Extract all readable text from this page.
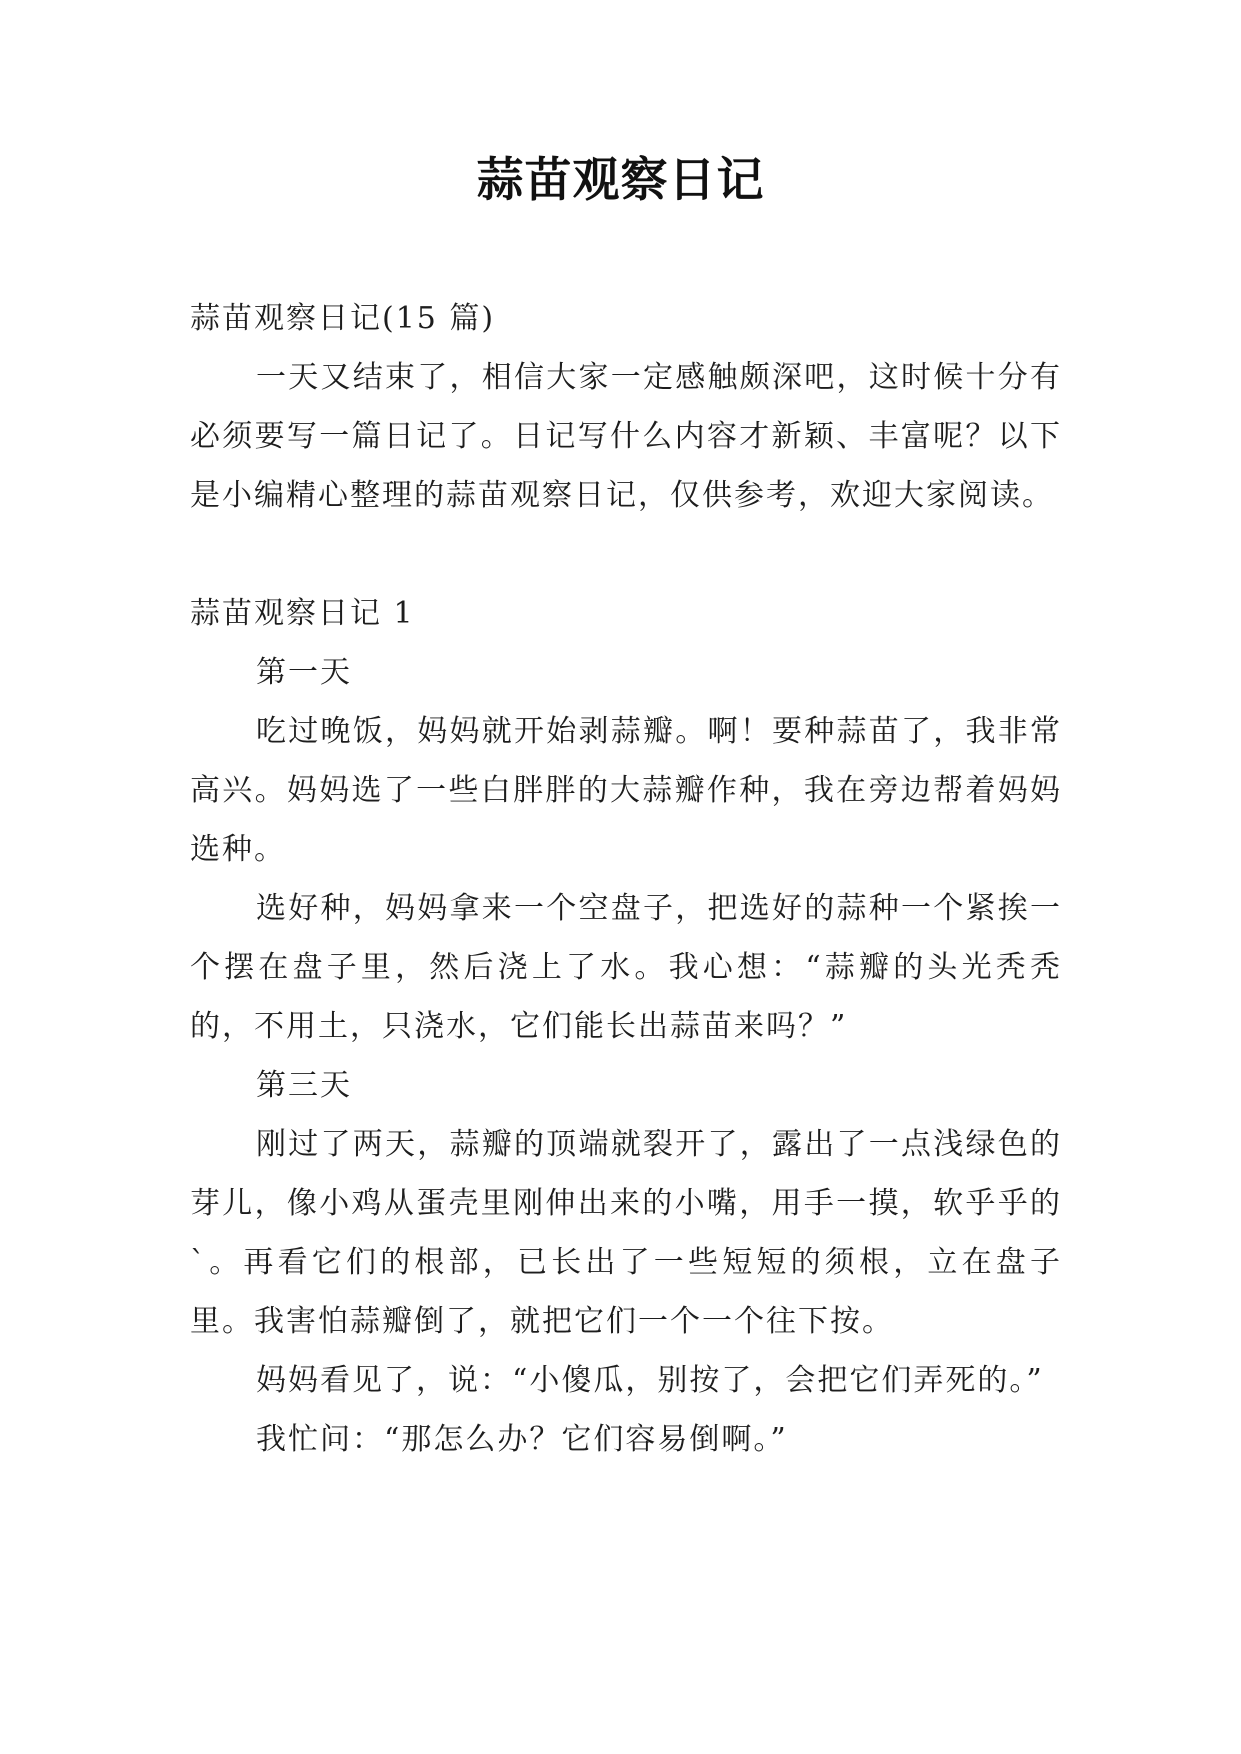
蒜苗观察日记

蒜苗观察日记(15 篇)

一天又结束了，相信大家一定感触颇深吧，这时候十分有必须要写一篇日记了。日记写什么内容才新颖、丰富呢？以下是小编精心整理的蒜苗观察日记，仅供参考，欢迎大家阅读。

蒜苗观察日记 1

第一天

吃过晚饭，妈妈就开始剥蒜瓣。啊！要种蒜苗了，我非常高兴。妈妈选了一些白胖胖的大蒜瓣作种，我在旁边帮着妈妈选种。

选好种，妈妈拿来一个空盘子，把选好的蒜种一个紧挨一个摆在盘子里，然后浇上了水。我心想：“蒜瓣的头光秃秃的，不用土，只浇水，它们能长出蒜苗来吗？”

第三天

刚过了两天，蒜瓣的顶端就裂开了，露出了一点浅绿色的芽儿，像小鸡从蛋壳里刚伸出来的小嘴，用手一摸，软乎乎的`。再看它们的根部，已长出了一些短短的须根，立在盘子里。我害怕蒜瓣倒了，就把它们一个一个往下按。

妈妈看见了，说：“小傻瓜，别按了，会把它们弄死的。”

我忙问：“那怎么办？它们容易倒啊。”
